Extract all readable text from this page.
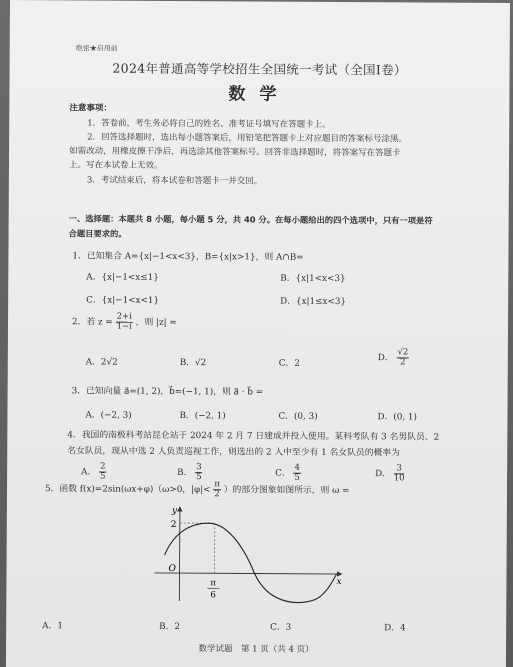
绝密★启用前
2024年普通高等学校招生全国统一考试（全国Ⅰ卷）
数学
注意事项：
1．答卷前，考生务必将自己的姓名、准考证号填写在答题卡上。
2．回答选择题时，选出每小题答案后，用铅笔把答题卡上对应题目的答案标号涂黑。
如需改动，用橡皮擦干净后，再选涂其他答案标号。回答非选择题时，将答案写在答题卡
上。写在本试卷上无效。
3．考试结束后，将本试卷和答题卡一并交回。
一、选择题：本题共 8 小题，每小题 5 分，共 40 分。在每小题给出的四个选项中，只有一项是符
合题目要求的。
1．已知集合 A={x|−1<x<3}，B={x|x>1}，则 A∩B=
A．{x|−1<x≤1}	B．{x|1<x<3}
C．{x|−1<x<1}	D．{x|1≤x<3}
2．若 $z = \frac{2+i}{1-i}$ ，则 |z| =
A．2√2	B．√2	C．2
D． $\frac{√2}{2}$
3．已知向量 a⃗=(1, 2)，b⃗=(−1, 1)，则 a⃗ · b⃗ =
A．(−2, 3)	B．(−2, 1)	C．(0, 3)	D．(0, 1)
4．我国的南极科考站昆仑站于 2024 年 2 月 7 日建成并投入使用。某科考队有 3 名男队员、2
名女队员，现从中选 2 人负责巡视工作，则选出的 2 人中至少有 1 名女队员的概率为
A． $\frac{2}{5}$	B． $\frac{3}{5}$	C． $\frac{4}{5}$	D． $\frac{3}{10}$
5．函数 f(x)=2sin(ωx+φ)（ω>0，$|\varphi|< \frac{\pi}{2}$ ）的部分图象如图所示，则 ω =
y
x
O
2
π
6
A．1	B．2	C．3	D．4
数学试题　第 1 页（共 4 页）
